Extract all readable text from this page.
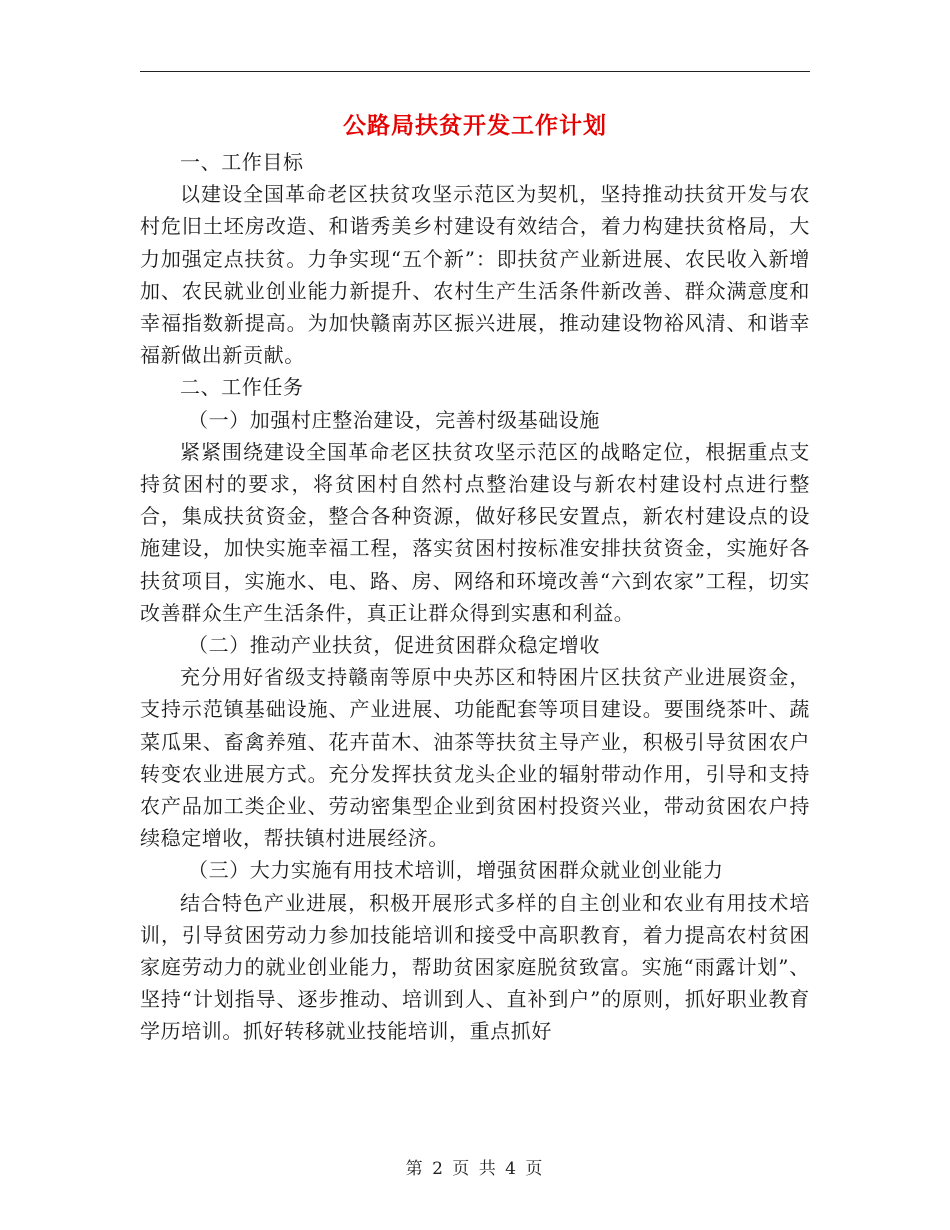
公路局扶贫开发工作计划

一、工作目标

以建设全国革命老区扶贫攻坚示范区为契机，坚持推动扶贫开发与农村危旧土坯房改造、和谐秀美乡村建设有效结合，着力构建扶贫格局，大力加强定点扶贫。力争实现“五个新”：即扶贫产业新进展、农民收入新增加、农民就业创业能力新提升、农村生产生活条件新改善、群众满意度和幸福指数新提高。为加快赣南苏区振兴进展，推动建设物裕风清、和谐幸福新做出新贡献。

二、工作任务

（一）加强村庄整治建设，完善村级基础设施

紧紧围绕建设全国革命老区扶贫攻坚示范区的战略定位，根据重点支持贫困村的要求，将贫困村自然村点整治建设与新农村建设村点进行整合，集成扶贫资金，整合各种资源，做好移民安置点，新农村建设点的设施建设，加快实施幸福工程，落实贫困村按标准安排扶贫资金，实施好各扶贫项目，实施水、电、路、房、网络和环境改善“六到农家”工程，切实改善群众生产生活条件，真正让群众得到实惠和利益。

（二）推动产业扶贫，促进贫困群众稳定增收

充分用好省级支持赣南等原中央苏区和特困片区扶贫产业进展资金，支持示范镇基础设施、产业进展、功能配套等项目建设。要围绕茶叶、蔬菜瓜果、畜禽养殖、花卉苗木、油茶等扶贫主导产业，积极引导贫困农户转变农业进展方式。充分发挥扶贫龙头企业的辐射带动作用，引导和支持农产品加工类企业、劳动密集型企业到贫困村投资兴业，带动贫困农户持续稳定增收，帮扶镇村进展经济。

（三）大力实施有用技术培训，增强贫困群众就业创业能力

结合特色产业进展，积极开展形式多样的自主创业和农业有用技术培训，引导贫困劳动力参加技能培训和接受中高职教育，着力提高农村贫困家庭劳动力的就业创业能力，帮助贫困家庭脱贫致富。实施“雨露计划”、坚持“计划指导、逐步推动、培训到人、直补到户”的原则，抓好职业教育学历培训。抓好转移就业技能培训，重点抓好

第 2 页 共 4 页
